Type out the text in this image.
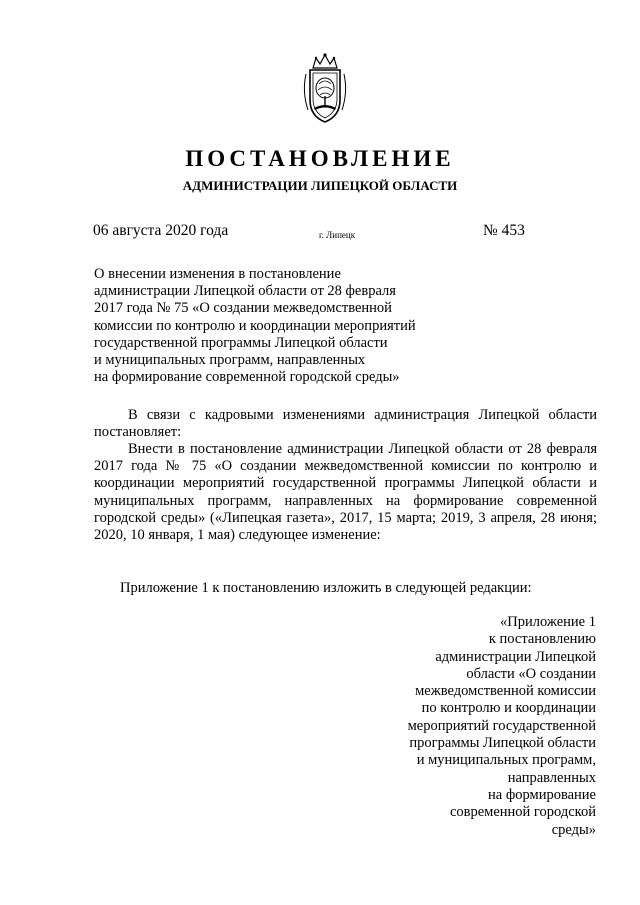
ПОСТАНОВЛЕНИЕ
АДМИНИСТРАЦИИ ЛИПЕЦКОЙ ОБЛАСТИ
06 августа 2020 года	г. Липецк	№ 453
О внесении изменения в постановление
администрации Липецкой области от 28 февраля
2017 года № 75 «О создании межведомственной
комиссии по контролю и координации мероприятий
государственной программы Липецкой области
и муниципальных программ, направленных
на формирование современной городской среды»
В связи с кадровыми изменениями администрация Липецкой области постановляет:
Внести в постановление администрации Липецкой области от 28 февраля 2017 года № 75 «О создании межведомственной комиссии по контролю и координации мероприятий государственной программы Липецкой области и муниципальных программ, направленных на формирование современной городской среды» («Липецкая газета», 2017, 15 марта; 2019, 3 апреля, 28 июня; 2020, 10 января, 1 мая) следующее изменение:
Приложение 1 к постановлению изложить в следующей редакции:
«Приложение 1
к постановлению
администрации Липецкой
области «О создании
межведомственной комиссии
по контролю и координации
мероприятий государственной
программы Липецкой области
и муниципальных программ,
направленных
на формирование
современной городской
среды»
